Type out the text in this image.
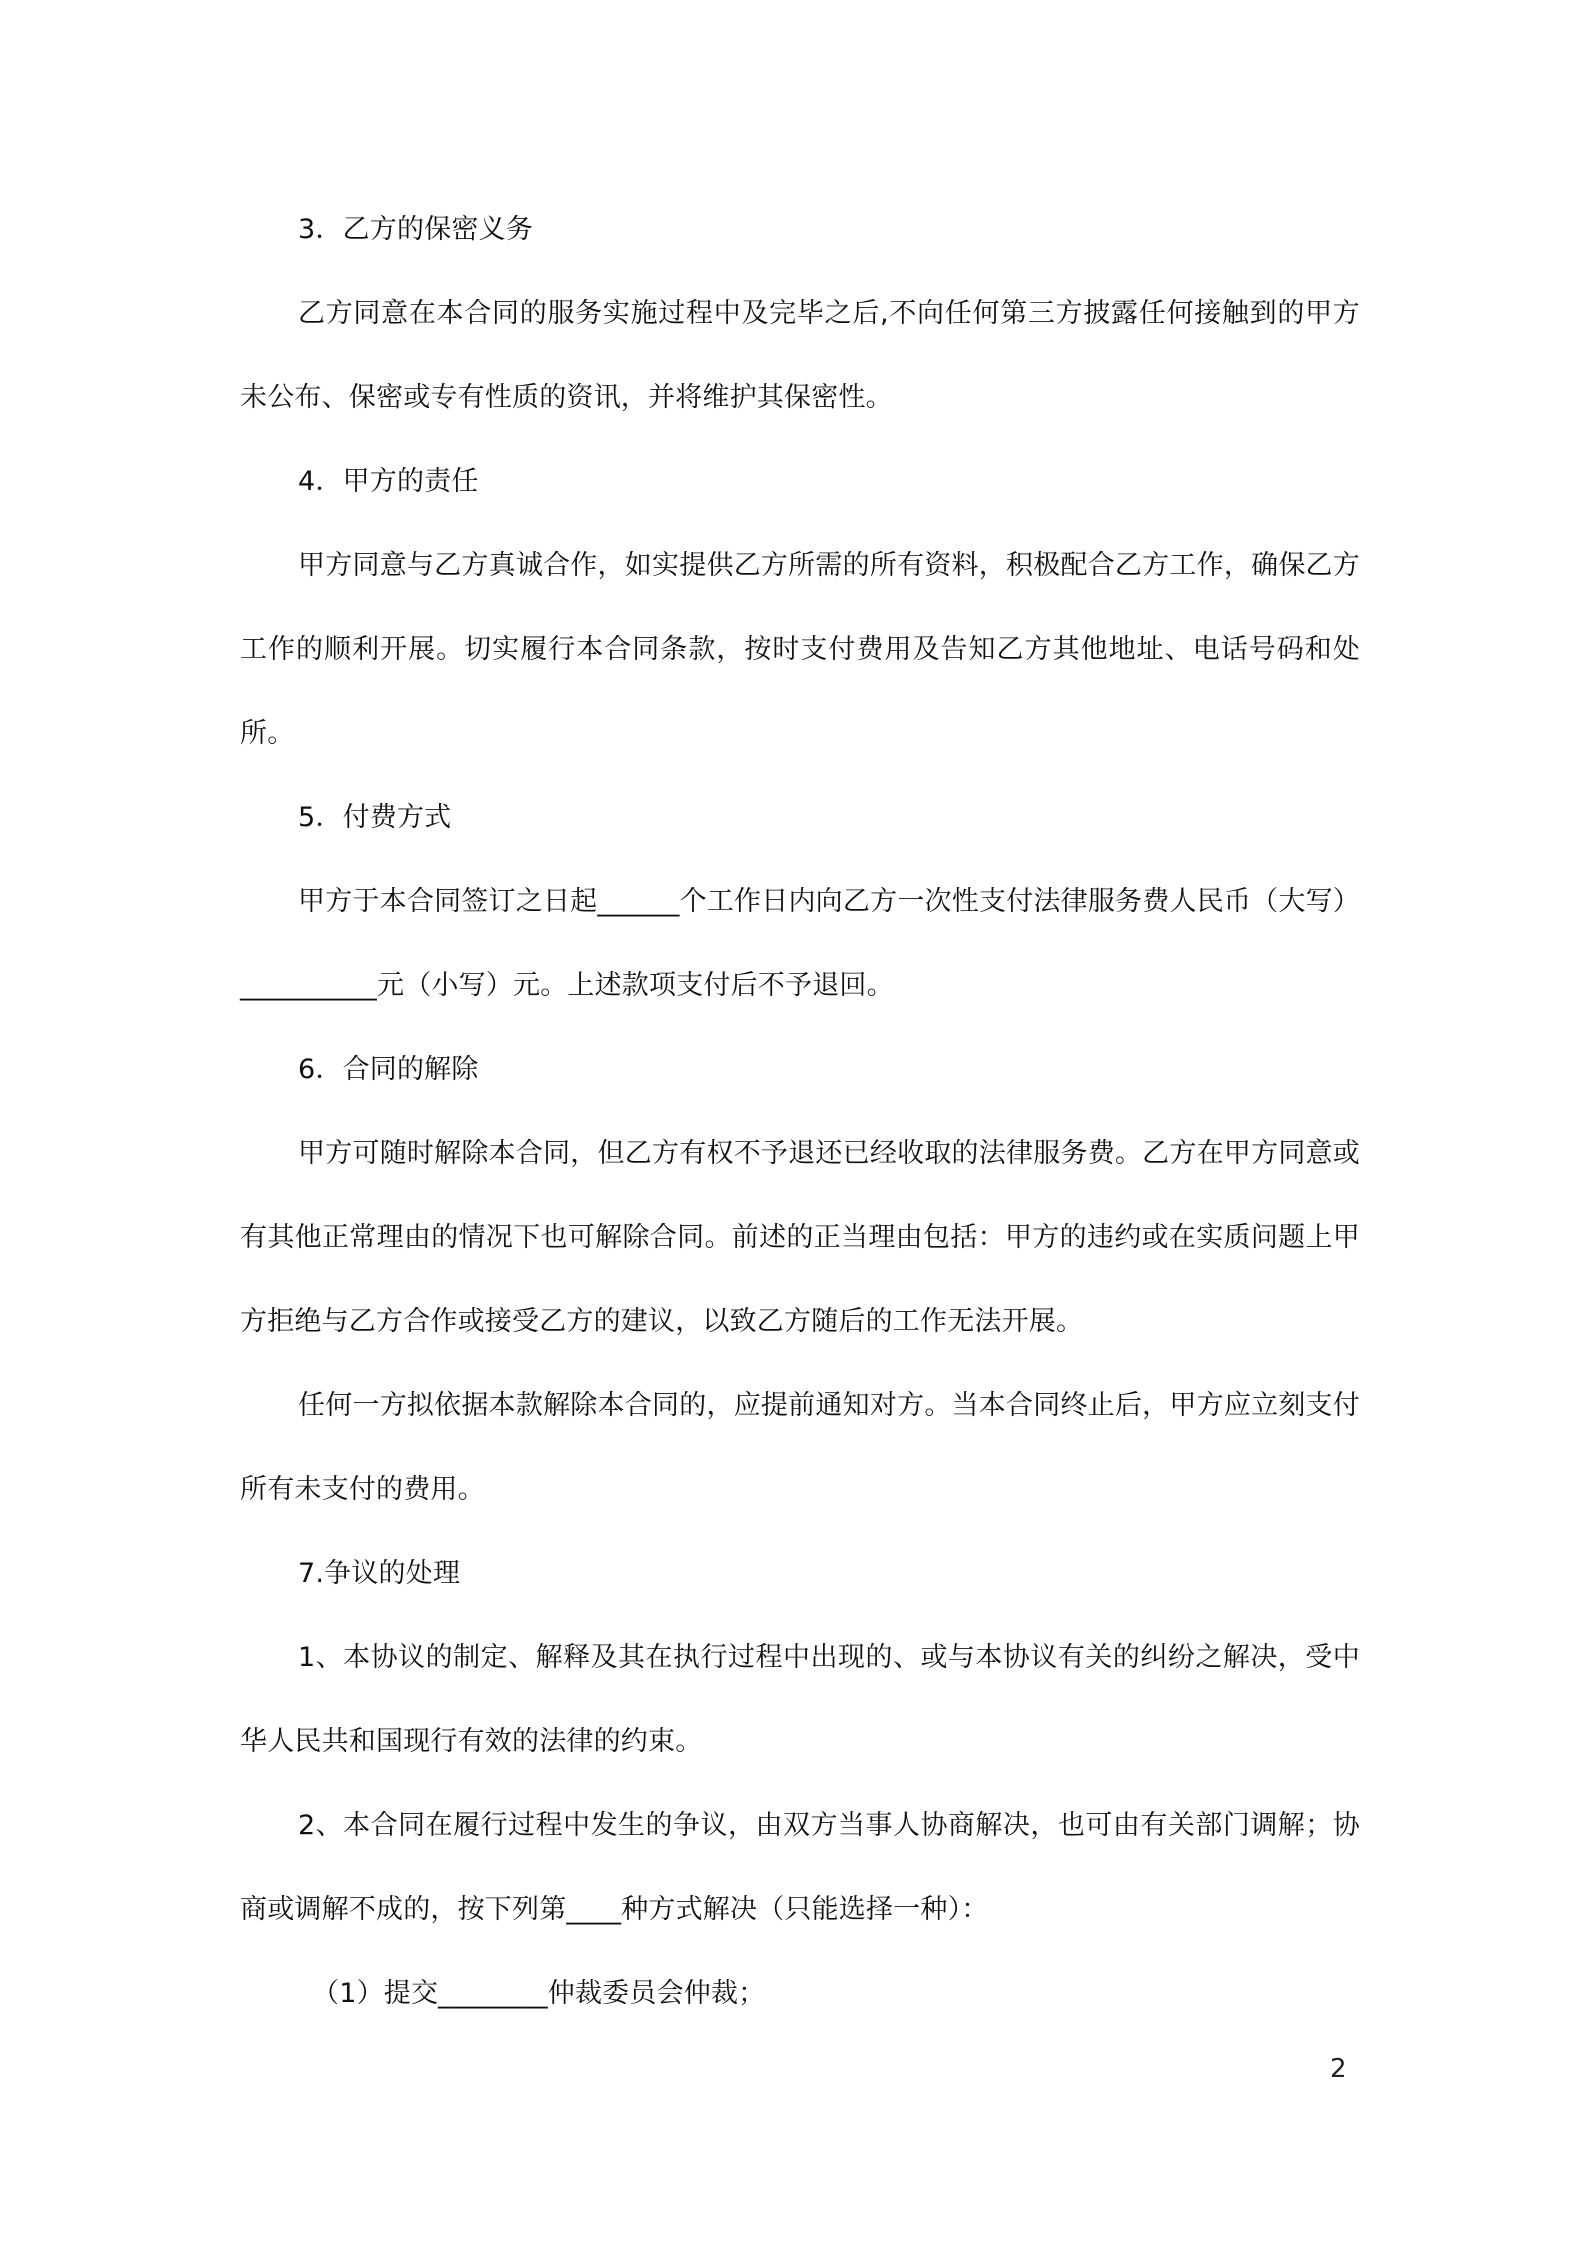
3．乙方的保密义务

乙方同意在本合同的服务实施过程中及完毕之后,不向任何第三方披露任何接触到的甲方未公布、保密或专有性质的资讯，并将维护其保密性。

4．甲方的责任

甲方同意与乙方真诚合作，如实提供乙方所需的所有资料，积极配合乙方工作，确保乙方工作的顺利开展。切实履行本合同条款，按时支付费用及告知乙方其他地址、电话号码和处所。

5．付费方式

甲方于本合同签订之日起______个工作日内向乙方一次性支付法律服务费人民币（大写）__________元（小写）元。上述款项支付后不予退回。

6．合同的解除

甲方可随时解除本合同，但乙方有权不予退还已经收取的法律服务费。乙方在甲方同意或有其他正常理由的情况下也可解除合同。前述的正当理由包括：甲方的违约或在实质问题上甲方拒绝与乙方合作或接受乙方的建议，以致乙方随后的工作无法开展。

任何一方拟依据本款解除本合同的，应提前通知对方。当本合同终止后，甲方应立刻支付所有未支付的费用。

7.争议的处理

1、本协议的制定、解释及其在执行过程中出现的、或与本协议有关的纠纷之解决，受中华人民共和国现行有效的法律的约束。

2、本合同在履行过程中发生的争议，由双方当事人协商解决，也可由有关部门调解；协商或调解不成的，按下列第____种方式解决（只能选择一种）：

（1）提交________仲裁委员会仲裁；

2
